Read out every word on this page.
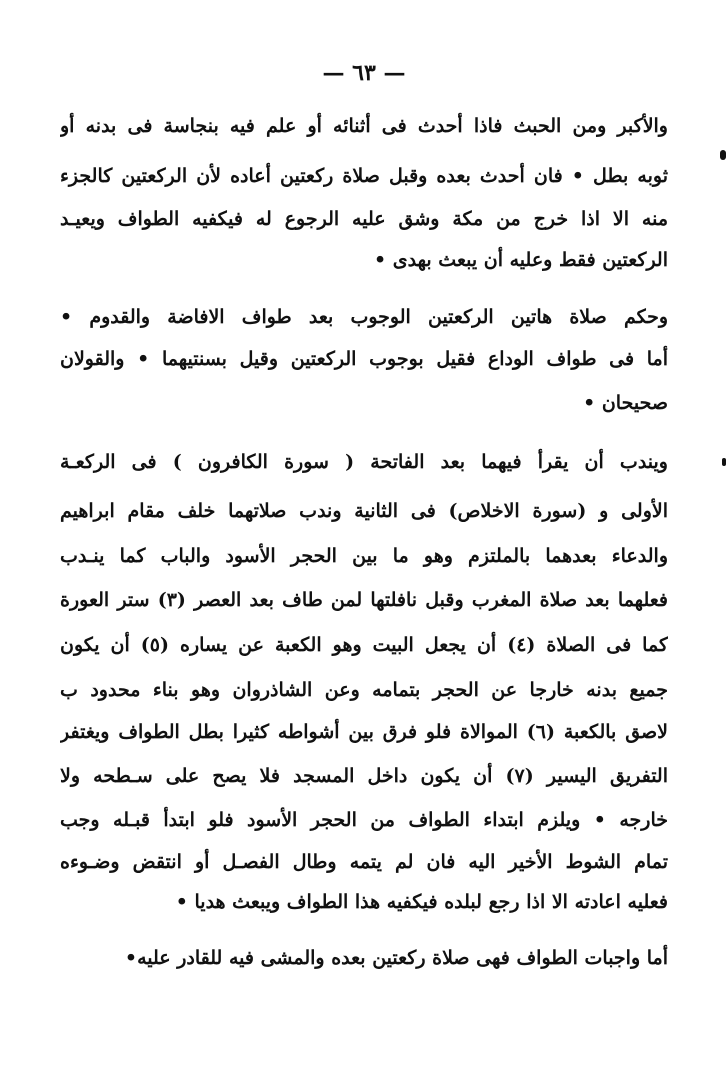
— ٦٣ —
والأكبر ومن الحبث فاذا أحدث فى أثنائه أو علم فيه بنجاسة فى بدنه أو
ثوبه بطل • فان أحدث بعده وقبل صلاة ركعتين أعاده لأن الركعتين كالجزء
منه الا اذا خرج من مكة وشق عليه الرجوع له فيكفيه الطواف ويعيـد
الركعتين فقط وعليه أن يبعث بهدى •
وحكم صلاة هاتين الركعتين الوجوب بعد طواف الافاضة والقدوم •
أما فى طواف الوداع فقيل بوجوب الركعتين وقيل بسنتيهما • والقولان
صحيحان •
ويندب أن يقرأ فيهما بعد الفاتحة ( سورة الكافرون ) فى الركعـة
الأولى و (سورة الاخلاص) فى الثانية وندب صلاتهما خلف مقام ابراهيم
والدعاء بعدهما بالملتزم وهو ما بين الحجر الأسود والباب كما ينـدب
فعلهما بعد صلاة المغرب وقبل نافلتها لمن طاف بعد العصر (٣) ستر العورة
كما فى الصلاة (٤) أن يجعل البيت وهو الكعبة عن يساره (٥) أن يكون
جميع بدنه خارجا عن الحجر بتمامه وعن الشاذروان وهو بناء محدود ب
لاصق بالكعبة (٦) الموالاة فلو فرق بين أشواطه كثيرا بطل الطواف ويغتفر
التفريق اليسير (٧) أن يكون داخل المسجد فلا يصح على سـطحه ولا
خارجه • ويلزم ابتداء الطواف من الحجر الأسود فلو ابتدأ قبـله وجب
تمام الشوط الأخير اليه فان لم يتمه وطال الفصـل أو انتقض وضـوءه
فعليه اعادته الا اذا رجع لبلده فيكفيه هذا الطواف ويبعث هديا •
أما واجبات الطواف فهى صلاة ركعتين بعده والمشى فيه للقادر عليه•
